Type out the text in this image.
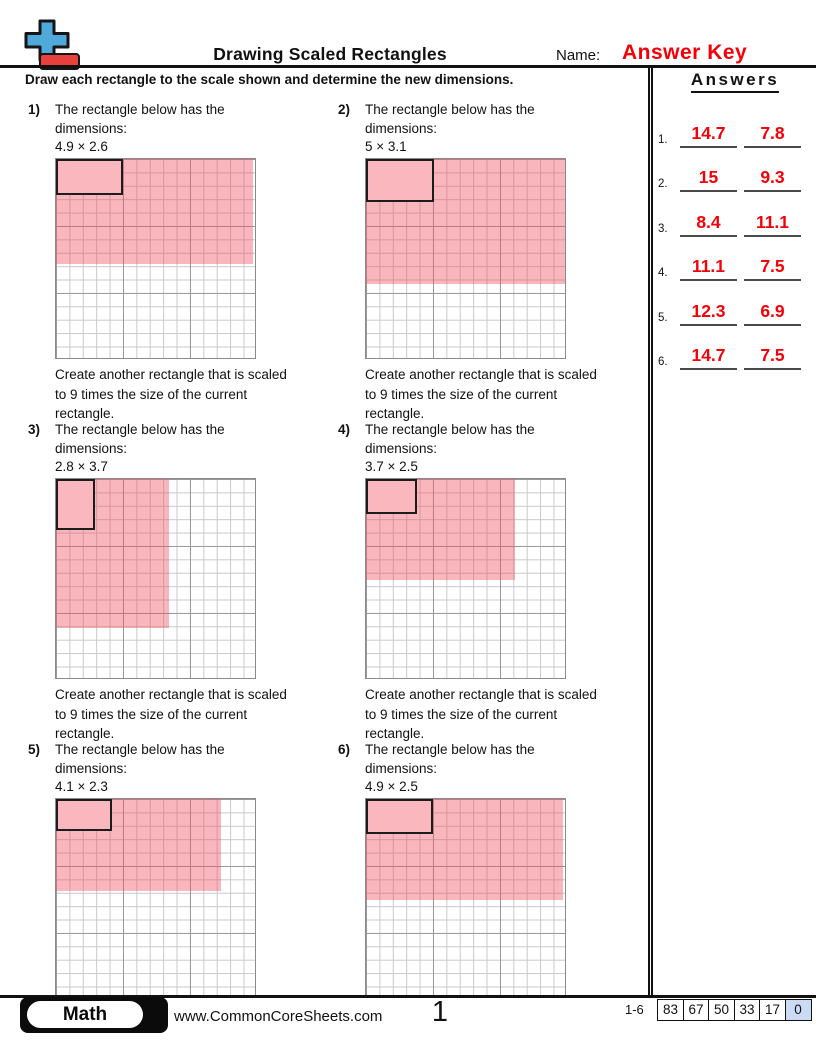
Drawing Scaled Rectangles	Name: Answer Key
Draw each rectangle to the scale shown and determine the new dimensions.	Answers
1.	14.7	7.8
2.	15	9.3
3.	8.4	11.1
4.	11.1	7.5
5.	12.3	6.9
6.	14.7	7.5
1) The rectangle below has the
dimensions:
4.9 × 2.6
Create another rectangle that is scaled
to 9 times the size of the current
rectangle.
2) The rectangle below has the
dimensions:
5 × 3.1
Create another rectangle that is scaled
to 9 times the size of the current
rectangle.
3) The rectangle below has the
dimensions:
2.8 × 3.7
Create another rectangle that is scaled
to 9 times the size of the current
rectangle.
4) The rectangle below has the
dimensions:
3.7 × 2.5
Create another rectangle that is scaled
to 9 times the size of the current
rectangle.
5) The rectangle below has the
dimensions:
4.1 × 2.3
6) The rectangle below has the
dimensions:
4.9 × 2.5
Math	www.CommonCoreSheets.com	1	1-6	83 67 50 33 17	0
